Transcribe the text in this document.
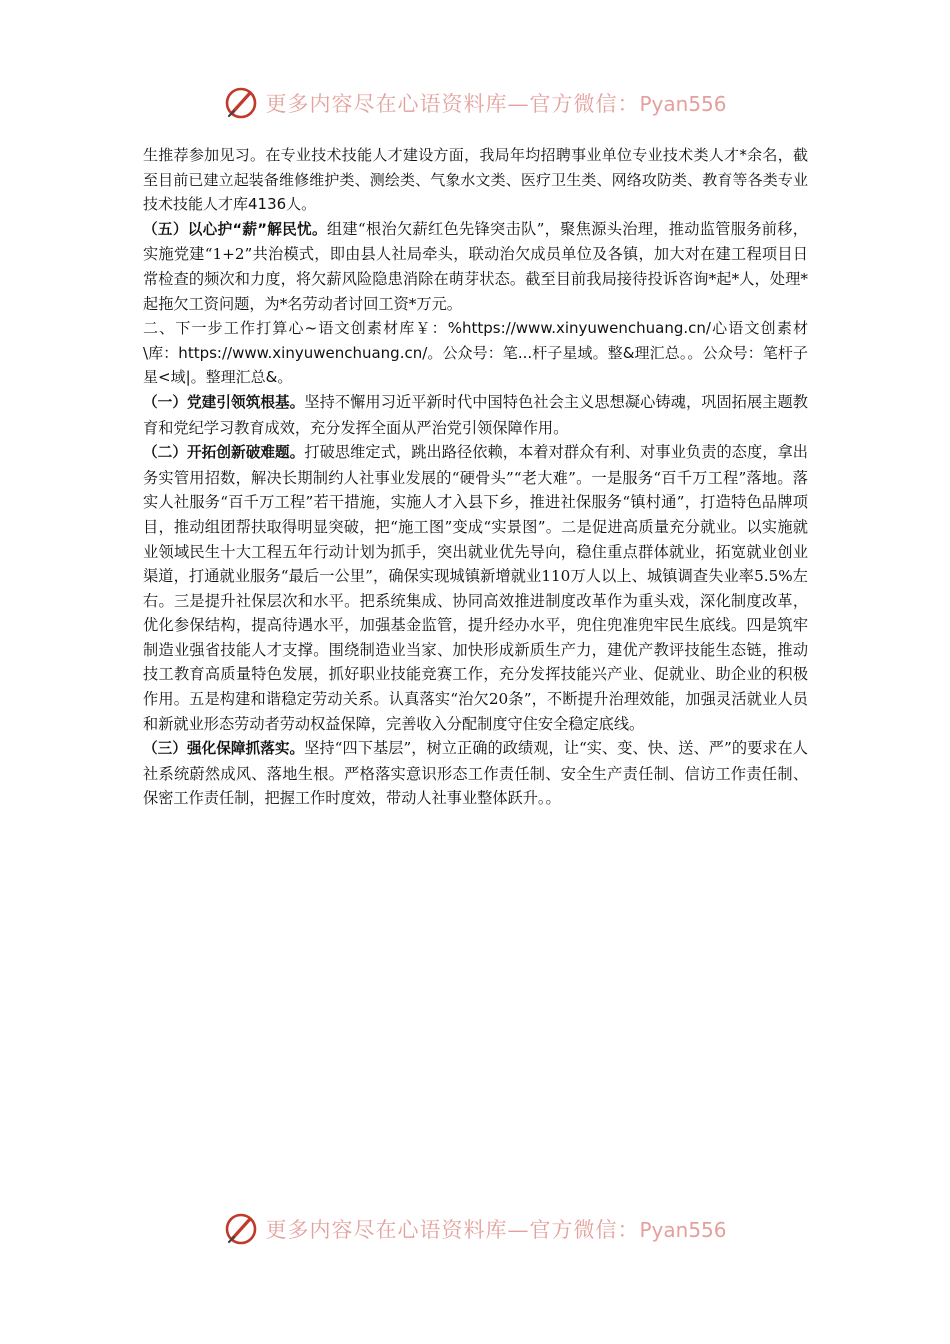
更多内容尽在心语资料库—官方微信：Pyan556

生推荐参加见习。在专业技术技能人才建设方面，我局年均招聘事业单位专业技术类人才*余名，截至目前已建立起装备维修维护类、测绘类、气象水文类、医疗卫生类、网络攻防类、教育等各类专业技术技能人才库4136人。

（五）以心护“薪”解民忧。组建“根治欠薪红色先锋突击队”，聚焦源头治理，推动监管服务前移，实施党建“1+2”共治模式，即由县人社局牵头，联动治欠成员单位及各镇，加大对在建工程项目日常检查的频次和力度，将欠薪风险隐患消除在萌芽状态。截至目前我局接待投诉咨询*起*人，处理*起拖欠工资问题，为*名劳动者讨回工资*万元。

二、下一步工作打算心~语文创素材库￥：%https://www.xinyuwenchuang.cn/心语文创素材\库：https://www.xinyuwenchuang.cn/。公众号：笔...杆子星域。整&理汇总。。公众号：笔杆子星<域|。整理汇总&。

（一）党建引领筑根基。坚持不懈用习近平新时代中国特色社会主义思想凝心铸魂，巩固拓展主题教育和党纪学习教育成效，充分发挥全面从严治党引领保障作用。

（二）开拓创新破难题。打破思维定式，跳出路径依赖，本着对群众有利、对事业负责的态度，拿出务实管用招数，解决长期制约人社事业发展的“硬骨头”“老大难”。一是服务“百千万工程”落地。落实人社服务“百千万工程”若干措施，实施人才入县下乡，推进社保服务“镇村通”，打造特色品牌项目，推动组团帮扶取得明显突破，把“施工图”变成“实景图”。二是促进高质量充分就业。以实施就业领域民生十大工程五年行动计划为抓手，突出就业优先导向，稳住重点群体就业，拓宽就业创业渠道，打通就业服务“最后一公里”，确保实现城镇新增就业110万人以上、城镇调查失业率5.5%左右。三是提升社保层次和水平。把系统集成、协同高效推进制度改革作为重头戏，深化制度改革，优化参保结构，提高待遇水平，加强基金监管，提升经办水平，兜住兜准兜牢民生底线。四是筑牢制造业强省技能人才支撑。围绕制造业当家、加快形成新质生产力，建优产教评技能生态链，推动技工教育高质量特色发展，抓好职业技能竞赛工作，充分发挥技能兴产业、促就业、助企业的积极作用。五是构建和谐稳定劳动关系。认真落实“治欠20条”，不断提升治理效能，加强灵活就业人员和新就业形态劳动者劳动权益保障，完善收入分配制度守住安全稳定底线。

（三）强化保障抓落实。坚持“四下基层”，树立正确的政绩观，让“实、变、快、送、严”的要求在人社系统蔚然成风、落地生根。严格落实意识形态工作责任制、安全生产责任制、信访工作责任制、保密工作责任制，把握工作时度效，带动人社事业整体跃升。。

更多内容尽在心语资料库—官方微信：Pyan556
